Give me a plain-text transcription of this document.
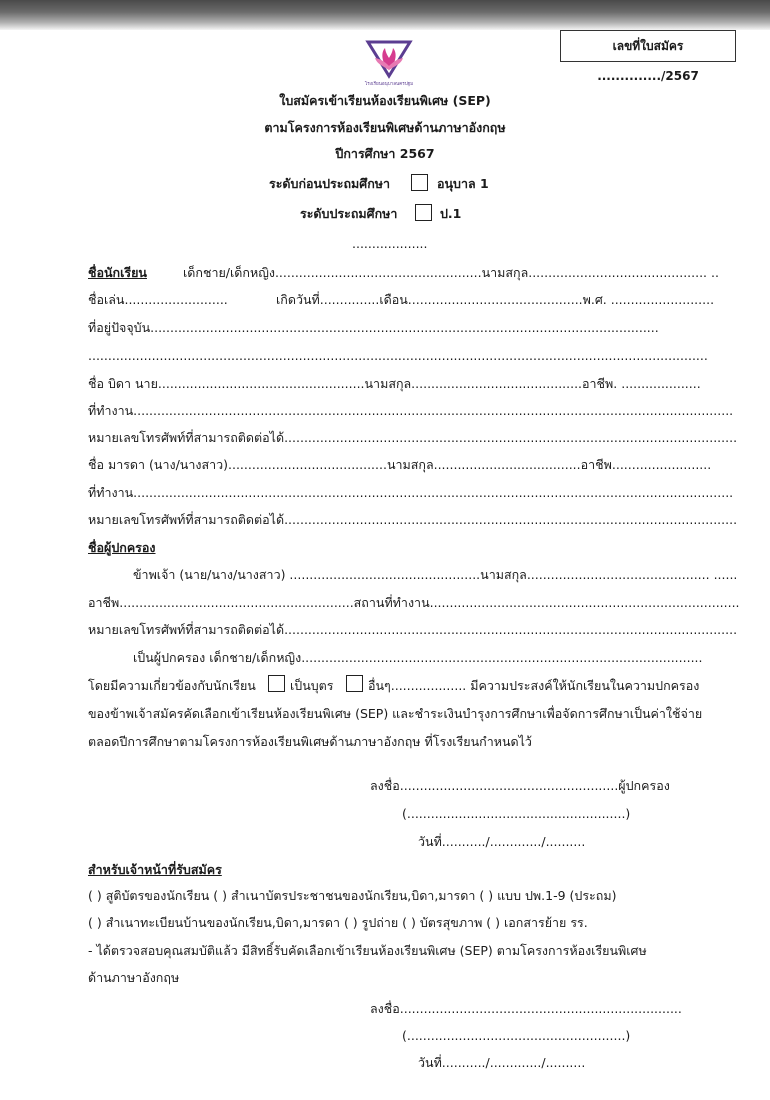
เลขที่ใบสมัคร ............../2567
โรงเรียนอนุบาลนครปฐม
ใบสมัครเข้าเรียนห้องเรียนพิเศษ (SEP)
ตามโครงการห้องเรียนพิเศษด้านภาษาอังกฤษ
ปีการศึกษา 2567
ระดับก่อนประถมศึกษา	อนุบาล 1
ระดับประถมศึกษา	ป.1
...................
ชื่อนักเรียน	เด็กชาย/เด็กหญิง....................................................นามสกุล............................................. ..
ชื่อเล่น..........................	เกิดวันที่...............เดือน............................................พ.ศ. ..........................
ที่อยู่ปัจจุบัน................................................................................................................................
............................................................................................................................................................
ชื่อ บิดา นาย....................................................นามสกุล...........................................อาชีพ. ....................
ที่ทำงาน.......................................................................................................................................................
หมายเลขโทรศัพท์ที่สามารถติดต่อได้..................................................................................................................
ชื่อ มารดา (นาง/นางสาว)........................................นามสกุล.....................................อาชีพ.........................
ที่ทำงาน.......................................................................................................................................................
หมายเลขโทรศัพท์ที่สามารถติดต่อได้..................................................................................................................
ชื่อผู้ปกครอง
ข้าพเจ้า (นาย/นาง/นางสาว) ................................................นามสกุล.............................................. ......
อาชีพ...........................................................สถานที่ทำงาน..............................................................................
หมายเลขโทรศัพท์ที่สามารถติดต่อได้..................................................................................................................
เป็นผู้ปกครอง เด็กชาย/เด็กหญิง.....................................................................................................
โดยมีความเกี่ยวข้องกับนักเรียน	เป็นบุตร	อื่นๆ................... มีความประสงค์ให้นักเรียนในความปกครอง
ของข้าพเจ้าสมัครคัดเลือกเข้าเรียนห้องเรียนพิเศษ (SEP) และชำระเงินบำรุงการศึกษาเพื่อจัดการศึกษาเป็นค่าใช้จ่าย
ตลอดปีการศึกษาตามโครงการห้องเรียนพิเศษด้านภาษาอังกฤษ ที่โรงเรียนกำหนดไว้
ลงชื่อ.......................................................ผู้ปกครอง
(.......................................................)
วันที่.........../............./..........
สำหรับเจ้าหน้าที่รับสมัคร
( ) สูติบัตรของนักเรียน ( ) สำเนาบัตรประชาชนของนักเรียน,บิดา,มารดา ( ) แบบ ปพ.1-9 (ประถม)
( ) สำเนาทะเบียนบ้านของนักเรียน,บิดา,มารดา ( ) รูปถ่าย ( ) บัตรสุขภาพ ( ) เอกสารย้าย รร.
- ได้ตรวจสอบคุณสมบัติแล้ว มีสิทธิ์รับคัดเลือกเข้าเรียนห้องเรียนพิเศษ (SEP) ตามโครงการห้องเรียนพิเศษ
ด้านภาษาอังกฤษ
ลงชื่อ.......................................................................
(.......................................................)
วันที่.........../............./..........
